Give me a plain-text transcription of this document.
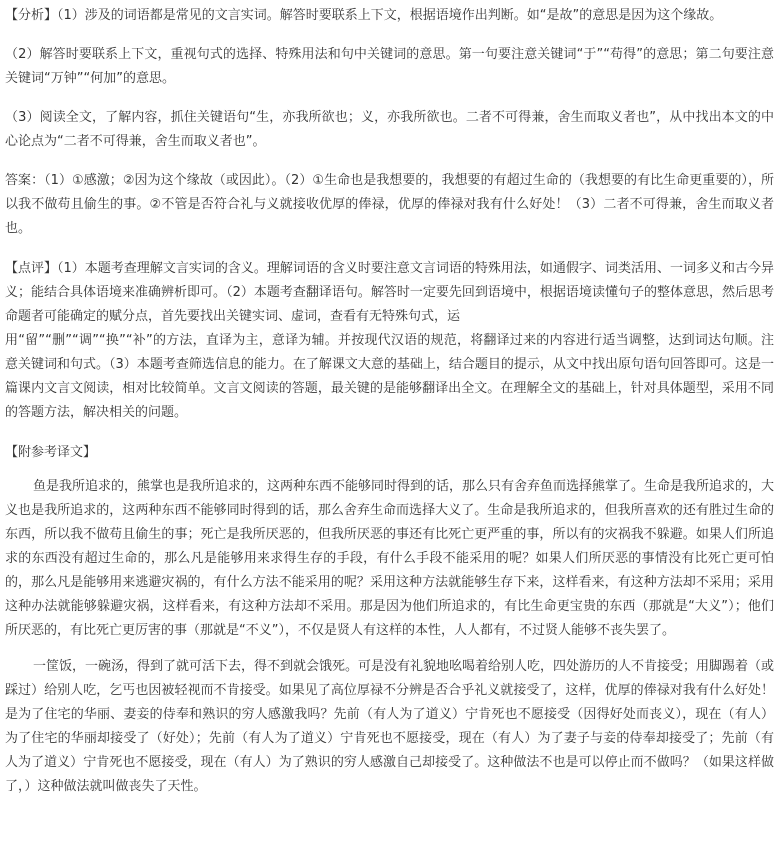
【分析】（1）涉及的词语都是常见的文言实词。解答时要联系上下文，根据语境作出判断。如“是故”的意思是因为这个缘故。

（2）解答时要联系上下文，重视句式的选择、特殊用法和句中关键词的意思。第一句要注意关键词“于”“苟得”的意思；第二句要注意关键词“万钟”“何加”的意思。

（3）阅读全文，了解内容，抓住关键语句“生，亦我所欲也；义，亦我所欲也。二者不可得兼，舍生而取义者也”，从中找出本文的中心论点为“二者不可得兼，舍生而取义者也”。

答案：（1）①感激；②因为这个缘故（或因此）。（2）①生命也是我想要的，我想要的有超过生命的（我想要的有比生命更重要的），所以我不做苟且偷生的事。②不管是否符合礼与义就接收优厚的俸禄，优厚的俸禄对我有什么好处！（3）二者不可得兼，舍生而取义者也。

【点评】（1）本题考查理解文言实词的含义。理解词语的含义时要注意文言词语的特殊用法，如通假字、词类活用、一词多义和古今异义；能结合具体语境来准确辨析即可。（2）本题考查翻译语句。解答时一定要先回到语境中，根据语境读懂句子的整体意思，然后思考命题者可能确定的赋分点，首先要找出关键实词、虚词，查看有无特殊句式，运

用“留”“删”“调”“换”“补”的方法，直译为主，意译为辅。并按现代汉语的规范，将翻译过来的内容进行适当调整，达到词达句顺。注意关键词和句式。（3）本题考查筛选信息的能力。在了解课文大意的基础上，结合题目的提示，从文中找出原句语句回答即可。这是一篇课内文言文阅读，相对比较简单。文言文阅读的答题，最关键的是能够翻译出全文。在理解全文的基础上，针对具体题型，采用不同的答题方法，解决相关的问题。

【附参考译文】

鱼是我所追求的，熊掌也是我所追求的，这两种东西不能够同时得到的话，那么只有舍弃鱼而选择熊掌了。生命是我所追求的，大义也是我所追求的，这两种东西不能够同时得到的话，那么舍弃生命而选择大义了。生命是我所追求的，但我所喜欢的还有胜过生命的东西，所以我不做苟且偷生的事；死亡是我所厌恶的，但我所厌恶的事还有比死亡更严重的事，所以有的灾祸我不躲避。如果人们所追求的东西没有超过生命的，那么凡是能够用来求得生存的手段，有什么手段不能采用的呢？如果人们所厌恶的事情没有比死亡更可怕的，那么凡是能够用来逃避灾祸的，有什么方法不能采用的呢？采用这种方法就能够生存下来，这样看来，有这种方法却不采用；采用这种办法就能够躲避灾祸，这样看来，有这种方法却不采用。那是因为他们所追求的，有比生命更宝贵的东西（那就是“大义”）；他们所厌恶的，有比死亡更厉害的事（那就是“不义”），不仅是贤人有这样的本性，人人都有，不过贤人能够不丧失罢了。

一筐饭，一碗汤，得到了就可活下去，得不到就会饿死。可是没有礼貌地吆喝着给别人吃，四处游历的人不肯接受；用脚踢着（或踩过）给别人吃，乞丐也因被轻视而不肯接受。如果见了高位厚禄不分辨是否合乎礼义就接受了，这样，优厚的俸禄对我有什么好处！是为了住宅的华丽、妻妾的侍奉和熟识的穷人感激我吗？先前（有人为了道义）宁肯死也不愿接受（因得好处而丧义），现在（有人）为了住宅的华丽却接受了（好处）；先前（有人为了道义）宁肯死也不愿接受，现在（有人）为了妻子与妾的侍奉却接受了；先前（有人为了道义）宁肯死也不愿接受，现在（有人）为了熟识的穷人感激自己却接受了。这种做法不也是可以停止而不做吗？（如果这样做了，）这种做法就叫做丧失了天性。
